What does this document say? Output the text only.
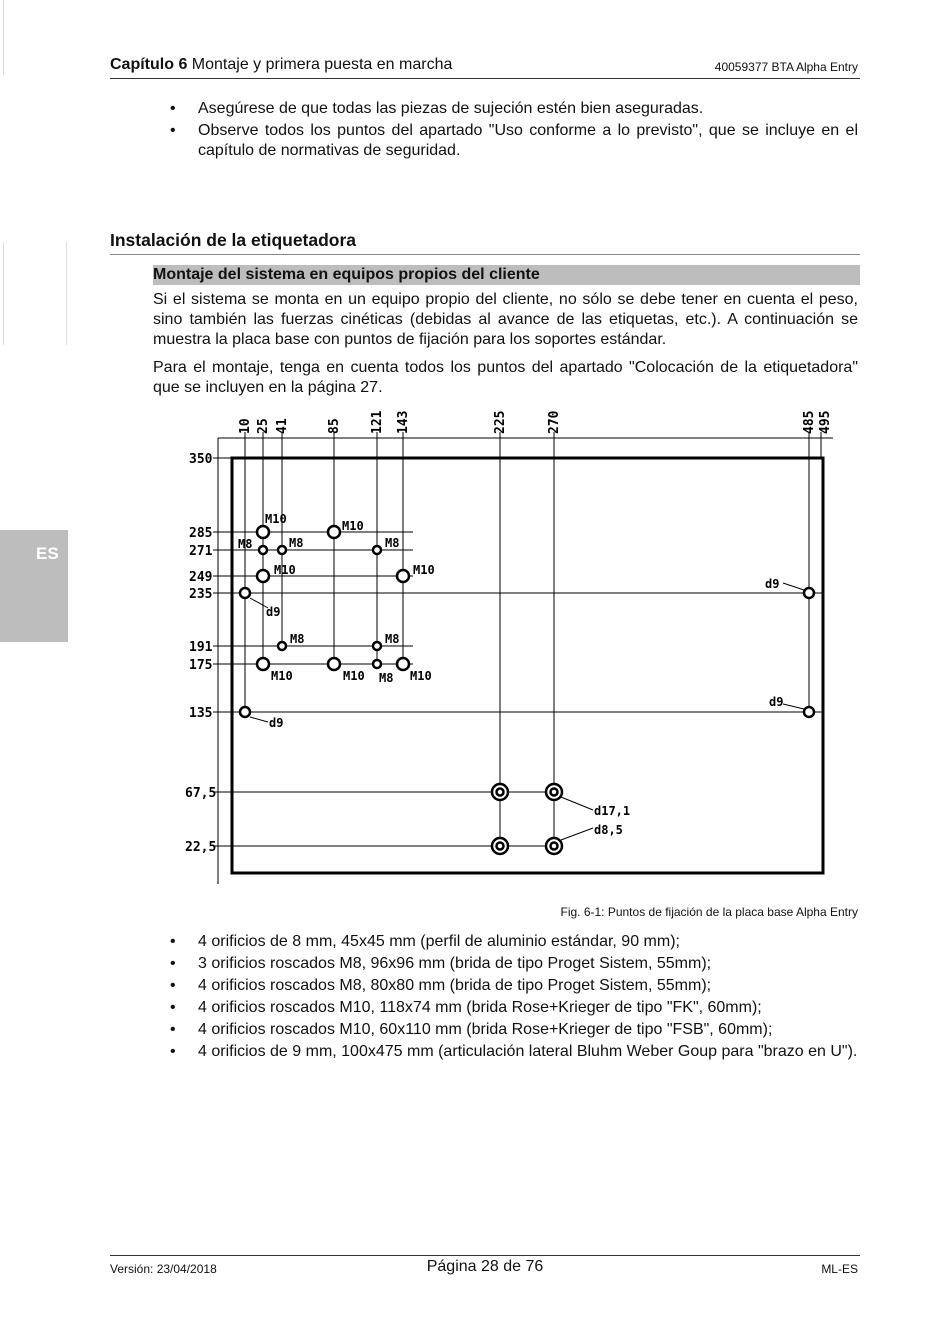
Capítulo 6 Montaje y primera puesta en marcha	40059377 BTA Alpha Entry
• Asegúrese de que todas las piezas de sujeción estén bien aseguradas.
• Observe todos los puntos del apartado "Uso conforme a lo previsto", que se incluye en el capítulo de normativas de seguridad.
Instalación de la etiquetadora
Montaje del sistema en equipos propios del cliente
Si el sistema se monta en un equipo propio del cliente, no sólo se debe tener en cuenta el peso, sino también las fuerzas cinéticas (debidas al avance de las etiquetas, etc.). A continuación se muestra la placa base con puntos de fijación para los soportes estándar.
Para el montaje, tenga en cuenta todos los puntos del apartado "Colocación de la etiquetadora" que se incluyen en la página 27.
ES
10 25 41	85 121 143	225	270	485 495
350
285
271
249
235
191
175
135
67,5
22,5
M10	M10
M8	M8	M8
M10	M10
d9
d9
M8	M8
M10	M10 M8 M10
d9
d9
d17,1
d8,5
Fig. 6-1: Puntos de fijación de la placa base Alpha Entry
• 4 orificios de 8 mm, 45x45 mm (perfil de aluminio estándar, 90 mm);
• 3 orificios roscados M8, 96x96 mm (brida de tipo Proget Sistem, 55mm);
• 4 orificios roscados M8, 80x80 mm (brida de tipo Proget Sistem, 55mm);
• 4 orificios roscados M10, 118x74 mm (brida Rose+Krieger de tipo "FK", 60mm);
• 4 orificios roscados M10, 60x110 mm (brida Rose+Krieger de tipo "FSB", 60mm);
• 4 orificios de 9 mm, 100x475 mm (articulación lateral Bluhm Weber Goup para "brazo en U").
Versión: 23/04/2018	Página 28 de 76	ML-ES
